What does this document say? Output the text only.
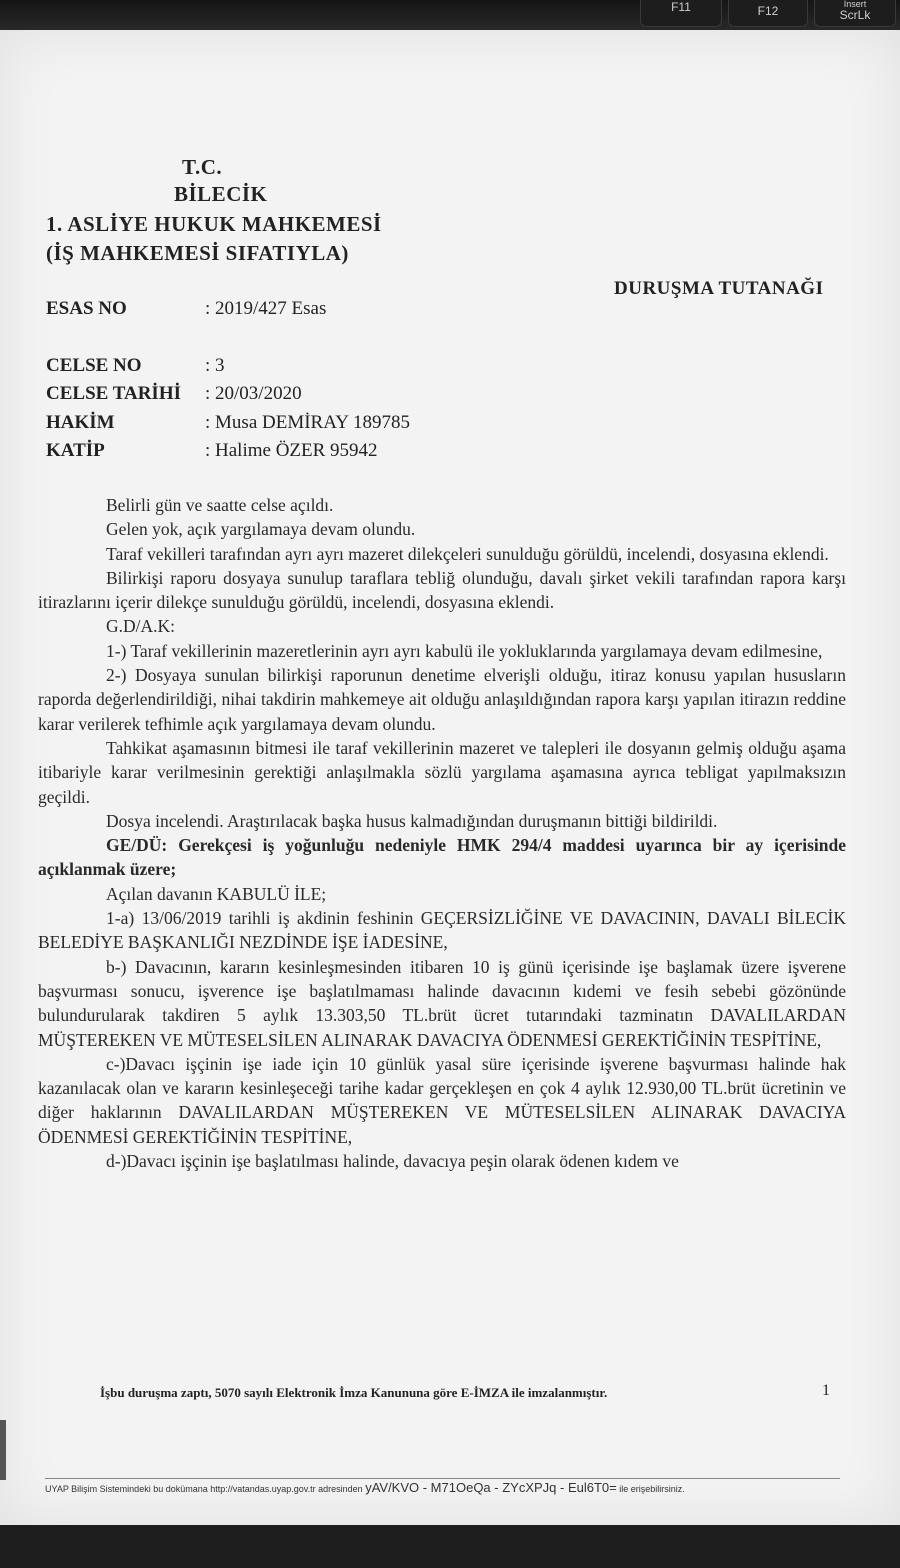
F11	F12	Insert
ScrLk
T.C.
BİLECİK
1. ASLİYE HUKUK MAHKEMESİ
(İŞ MAHKEMESİ SIFATIYLA)
DURUŞMA TUTANAĞI
ESAS NO	: 2019/427 Esas
CELSE NO	: 3
CELSE TARİHİ : 20/03/2020
HAKİM	: Musa DEMİRAY 189785
KATİP	: Halime ÖZER 95942

Belirli gün ve saatte celse açıldı.

Gelen yok, açık yargılamaya devam olundu.

Taraf vekilleri tarafından ayrı ayrı mazeret dilekçeleri sunulduğu görüldü, incelendi, dosyasına eklendi.

Bilirkişi raporu dosyaya sunulup taraflara tebliğ olunduğu, davalı şirket vekili tarafından rapora karşı itirazlarını içerir dilekçe sunulduğu görüldü, incelendi, dosyasına eklendi.

G.D/A.K:

1-) Taraf vekillerinin mazeretlerinin ayrı ayrı kabulü ile yokluklarında yargılamaya devam edilmesine,

2-) Dosyaya sunulan bilirkişi raporunun denetime elverişli olduğu, itiraz konusu yapılan hususların raporda değerlendirildiği, nihai takdirin mahkemeye ait olduğu anlaşıldığından rapora karşı yapılan itirazın reddine karar verilerek tefhimle açık yargılamaya devam olundu.

Tahkikat aşamasının bitmesi ile taraf vekillerinin mazeret ve talepleri ile dosyanın gelmiş olduğu aşama itibariyle karar verilmesinin gerektiği anlaşılmakla sözlü yargılama aşamasına ayrıca tebligat yapılmaksızın geçildi.

Dosya incelendi. Araştırılacak başka husus kalmadığından duruşmanın bittiği bildirildi.

GE/DÜ: Gerekçesi iş yoğunluğu nedeniyle HMK 294/4 maddesi uyarınca bir ay içerisinde açıklanmak üzere;

Açılan davanın KABULÜ İLE;

1-a) 13/06/2019 tarihli iş akdinin feshinin GEÇERSİZLİĞİNE VE DAVACININ, DAVALI BİLECİK BELEDİYE BAŞKANLIĞI NEZDİNDE İŞE İADESİNE,

b-) Davacının, kararın kesinleşmesinden itibaren 10 iş günü içerisinde işe başlamak üzere işverene başvurması sonucu, işverence işe başlatılmaması halinde davacının kıdemi ve fesih sebebi gözönünde bulundurularak takdiren 5 aylık 13.303,50 TL.brüt ücret tutarındaki tazminatın DAVALILARDAN MÜŞTEREKEN VE MÜTESELSİLEN ALINARAK DAVACIYA ÖDENMESİ GEREKTİĞİNİN TESPİTİNE,

c-)Davacı işçinin işe iade için 10 günlük yasal süre içerisinde işverene başvurması halinde hak kazanılacak olan ve kararın kesinleşeceği tarihe kadar gerçekleşen en çok 4 aylık 12.930,00 TL.brüt ücretinin ve diğer haklarının DAVALILARDAN MÜŞTEREKEN VE MÜTESELSİLEN ALINARAK DAVACIYA ÖDENMESİ GEREKTİĞİNİN TESPİTİNE,

d-)Davacı işçinin işe başlatılması halinde, davacıya peşin olarak ödenen kıdem ve

İşbu duruşma zaptı, 5070 sayılı Elektronik İmza Kanununa göre E-İMZA ile imzalanmıştır.	1
UYAP Bilişim Sistemindeki bu dokümana http://vatandas.uyap.gov.tr adresinden yAV/KVO - M71OeQa - ZYcXPJq - Eul6T0= ile erişebilirsiniz.
